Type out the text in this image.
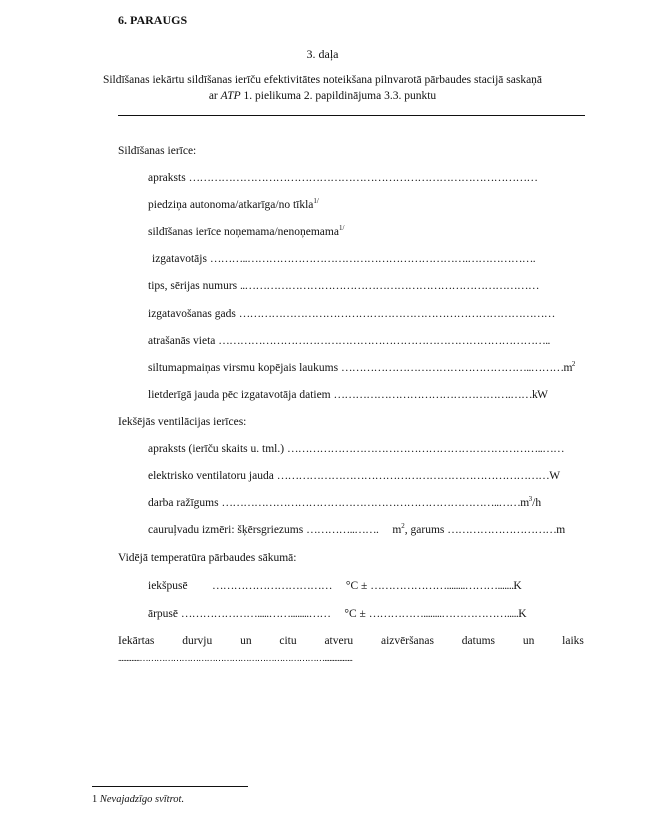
6. PARAUGS
3. daļa
Sildīšanas iekārtu sildīšanas ierīču efektivitātes noteikšana pilnvarotā pārbaudes stacijā saskaņā
ar ATP 1. pielikuma 2. papildinājuma 3.3. punktu
Sildīšanas ierīce:
apraksts ……………………………………………………………………………………
piedziņa autonoma/atkarīga/no tīkla$^{1/}$
sildīšanas ierīce noņemama/nenoņemama$^{1/}$
izgatavotājs ………..…………………………………………………….……………….
tips, sērijas numurs ..………………………………………………………………………
izgatavošanas gads ……………………………………………………………………………
atrašanās vieta ………………………………………………………………………………..
siltumapmaiņas virsmu kopējais laukums $\dots\dots\dots\dots\dots\dots\dots\dots\dots\dots\dots\dots\dots\dots\dots\dots\dots..\dots\dots\dots m^2$
lietderīgā jauda pēc izgatavotāja datiem ………………………………………….……kW
Iekšējās ventilācijas ierīces:
apraksts (ierīču skaits u. tml.) ……………………………………………………………..……
elektrisko ventilatoru jauda …………………………………………………………………W
darba ražīgums $\dots\dots\dots\dots\dots\dots\dots\dots\dots\dots\dots\dots\dots\dots\dots\dots\dots\dots\dots\dots\dots\dots\dots\dots\dots..\dots\dots m^3/h$
cauruļvadu izmēri: šķērsgriezums …………..……. $m^2$, garums …………………………m
Vidējā temperatūra pārbaudes sākumā:
iekšpusē …………………………… °C ± …………………........……….......K
ārpusē ………………….....……........…… °C ± ……………........……………….....K
Iekārtas durvju un citu atveru aizvēršanas datums un laiks
.............………………………………………………………….................
1 Nevajadzīgo svītrot.
